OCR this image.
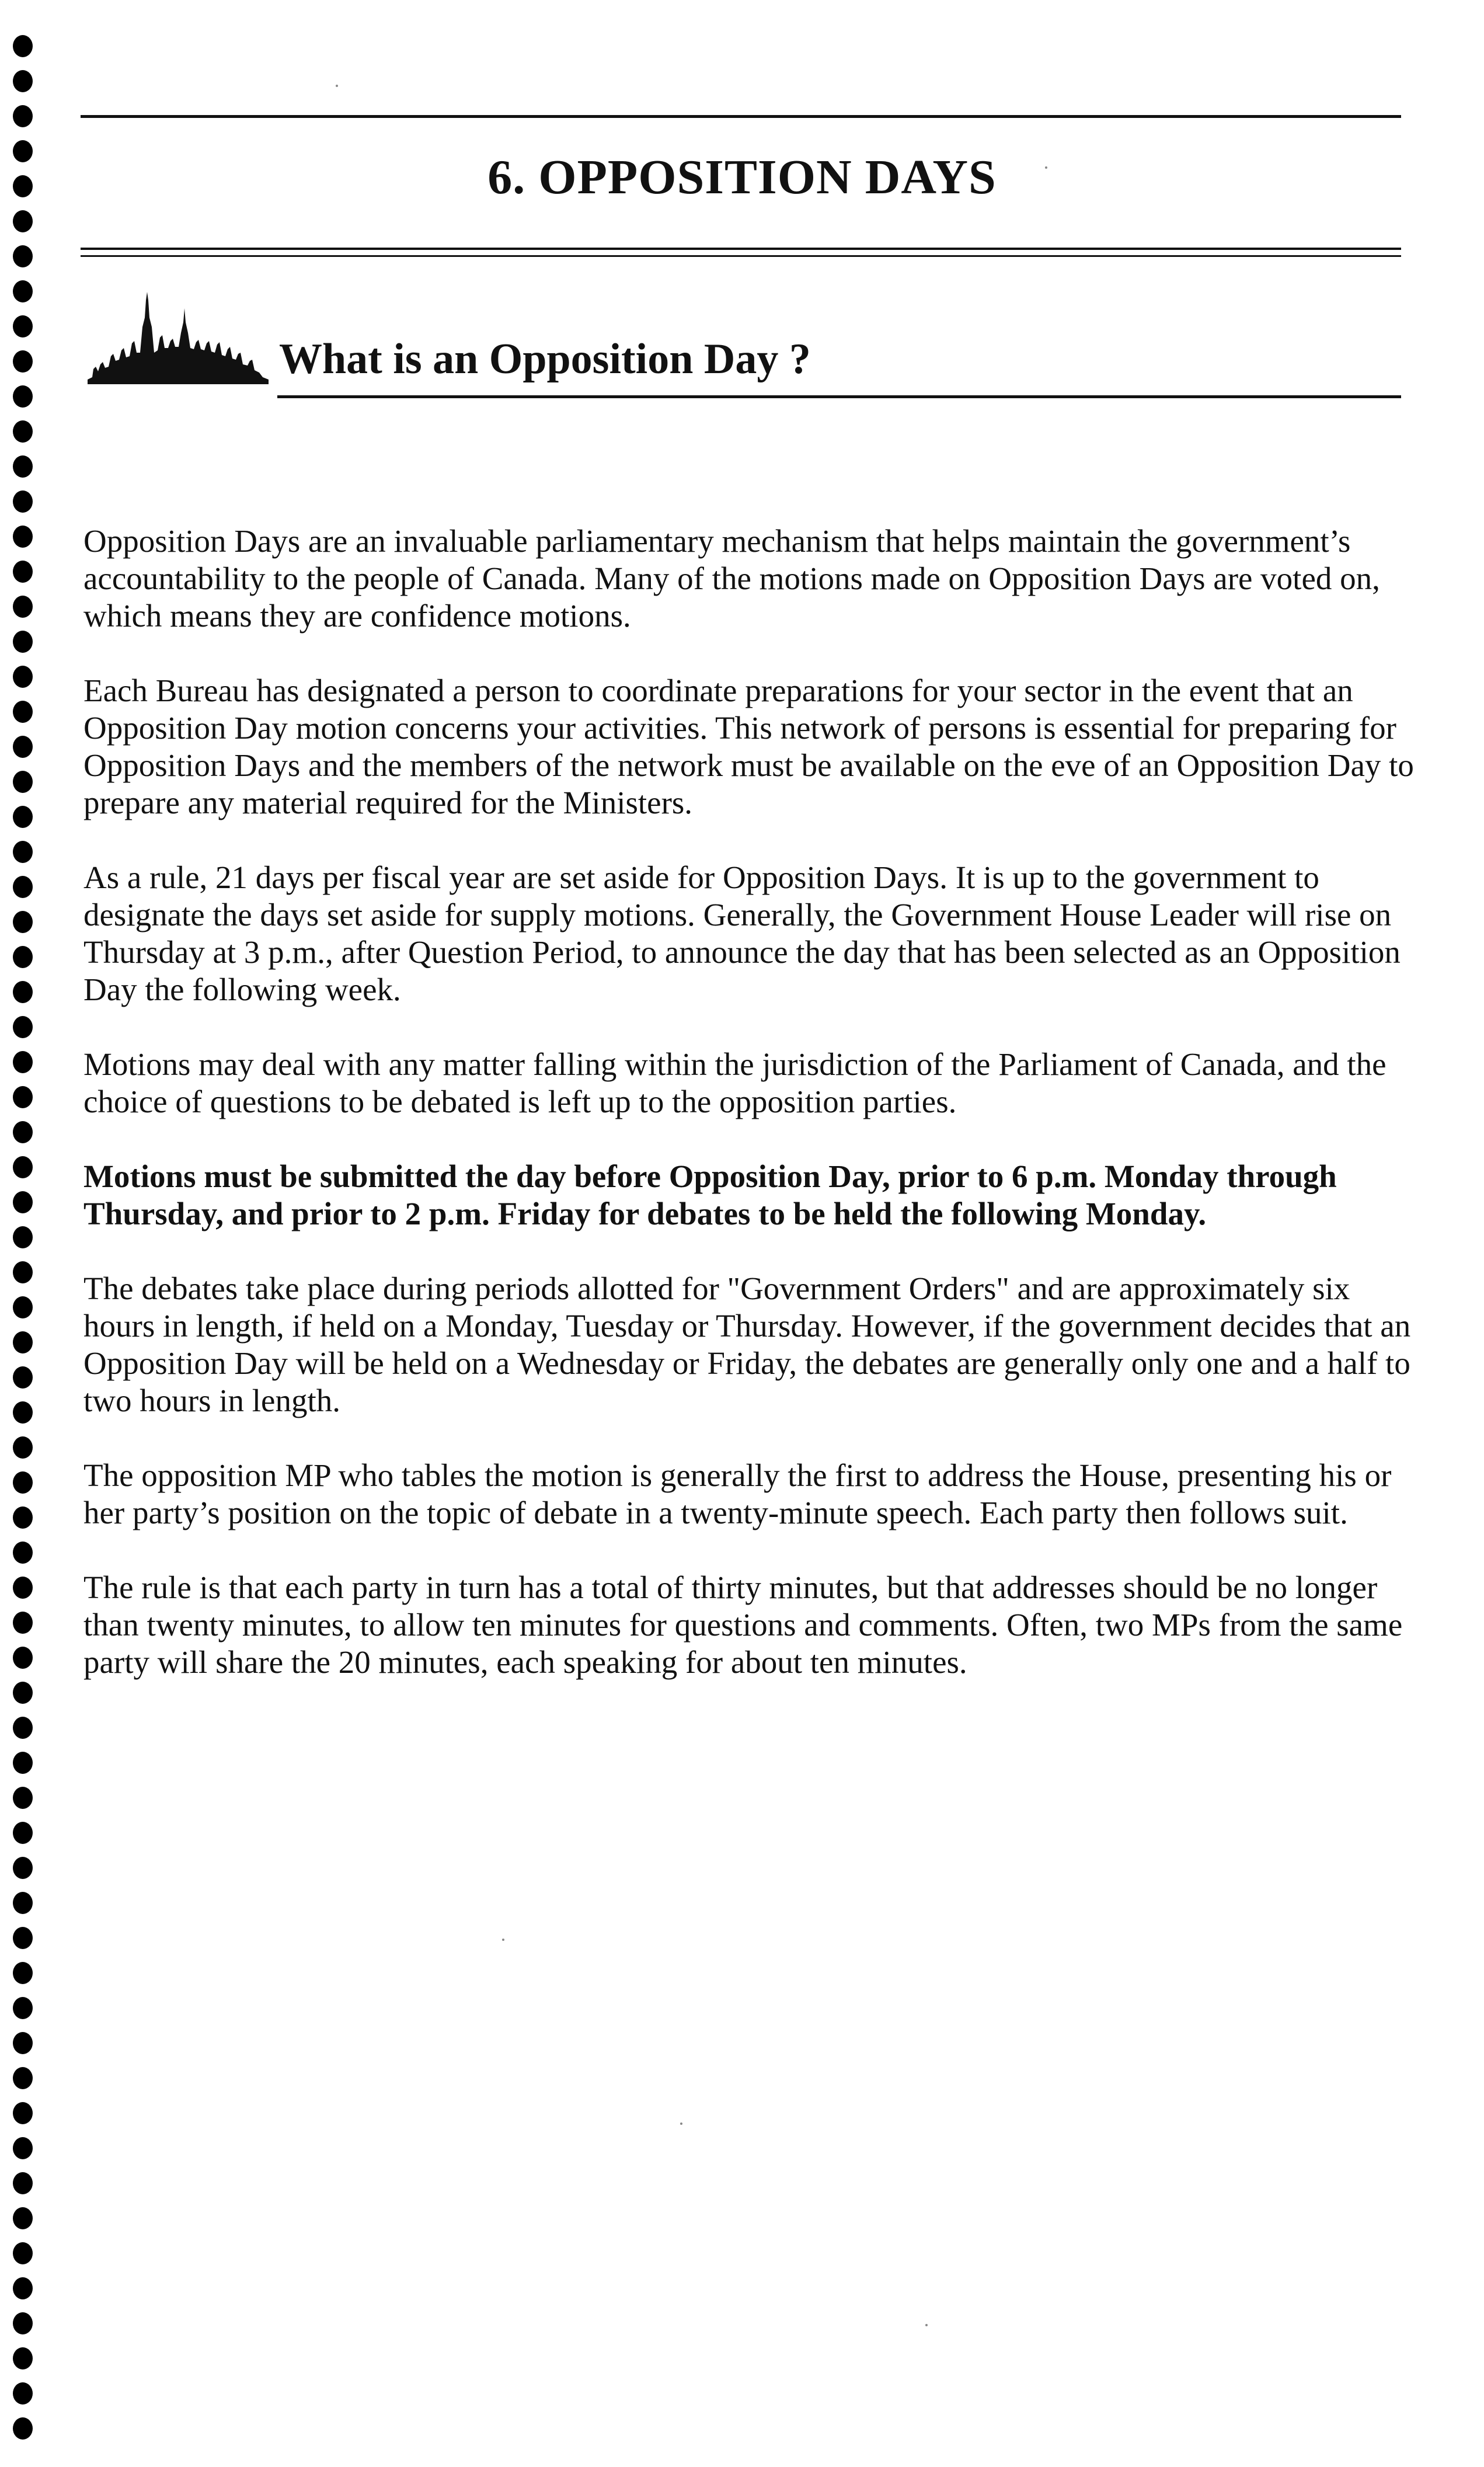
6. OPPOSITION DAYS
What is an Opposition Day ?

Opposition Days are an invaluable parliamentary mechanism that helps maintain the government’s accountability to the people of Canada. Many of the motions made on Opposition Days are voted on, which means they are confidence motions.

Each Bureau has designated a person to coordinate preparations for your sector in the event that an Opposition Day motion concerns your activities. This network of persons is essential for preparing for Opposition Days and the members of the network must be available on the eve of an Opposition Day to prepare any material required for the Ministers.

As a rule, 21 days per fiscal year are set aside for Opposition Days. It is up to the government to designate the days set aside for supply motions. Generally, the Government House Leader will rise on Thursday at 3 p.m., after Question Period, to announce the day that has been selected as an Opposition Day the following week.

Motions may deal with any matter falling within the jurisdiction of the Parliament of Canada, and the choice of questions to be debated is left up to the opposition parties.

Motions must be submitted the day before Opposition Day, prior to 6 p.m. Monday through Thursday, and prior to 2 p.m. Friday for debates to be held the following Monday.

The debates take place during periods allotted for "Government Orders" and are approximately six hours in length, if held on a Monday, Tuesday or Thursday. However, if the government decides that an Opposition Day will be held on a Wednesday or Friday, the debates are generally only one and a half to two hours in length.

The opposition MP who tables the motion is generally the first to address the House, presenting his or her party’s position on the topic of debate in a twenty-minute speech. Each party then follows suit.

The rule is that each party in turn has a total of thirty minutes, but that addresses should be no longer than twenty minutes, to allow ten minutes for questions and comments. Often, two MPs from the same party will share the 20 minutes, each speaking for about ten minutes.
